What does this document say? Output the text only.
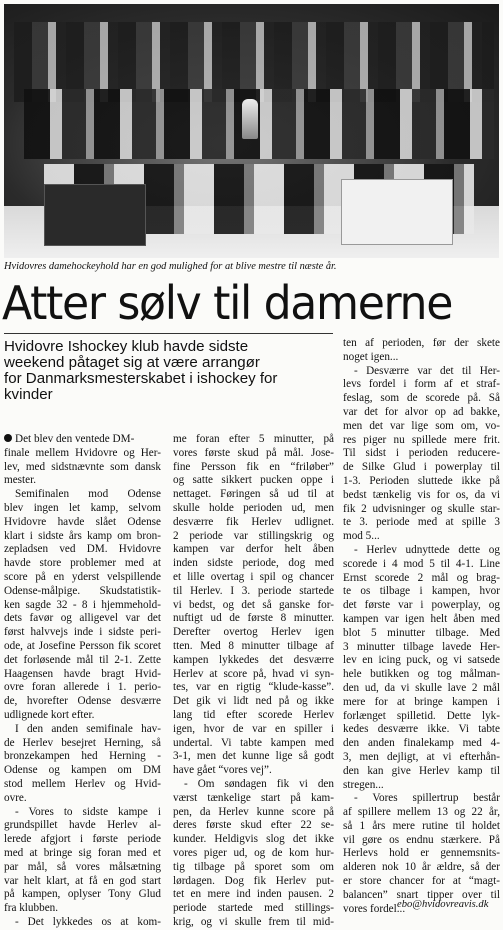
Hvidovres damehockeyhold har en god mulighed for at blive mestre til næste år.
Atter sølv til damerne
Hvidovre Ishockey klub havde sidste
weekend påtaget sig at være arrangør
for Danmarksmesterskabet i ishockey for
kvinder
Det blev den ventede DM-

finale mellem Hvidovre og Her-
lev, med sidstnævnte som dansk
mester.
Semifinalen mod Odense
blev ingen let kamp, selvom
Hvidovre havde slået Odense
klart i sidste års kamp om bron-
zepladsen ved DM. Hvidovre
havde store problemer med at
score på en yderst velspillende
Odense-målpige. Skudstatistik-
ken sagde 32 - 8 i hjemmehold-
dets favør og alligevel var det
først halvvejs inde i sidste peri-
ode, at Josefine Persson fik scoret
det forløsende mål til 2-1. Zette
Haagensen havde bragt Hvid-
ovre foran allerede i 1. perio-
de, hvorefter Odense desværre
udlignede kort efter.
I den anden semifinale hav-
de Herlev besejret Herning, så
bronzekampen hed Herning -
Odense og kampen om DM
stod mellem Herlev og Hvid-
ovre.
- Vores to sidste kampe i
grundspillet havde Herlev al-
lerede afgjort i første periode
med at bringe sig foran med et
par mål, så vores målsætning
var helt klart, at få en god start
på kampen, oplyser Tony Glud
fra klubben.
- Det lykkedes os at kom-
me foran efter 5 minutter, på
vores første skud på mål. Jose-
fine Persson fik en “friløber”
og satte sikkert pucken oppe i
nettaget. Føringen så ud til at
skulle holde perioden ud, men
desværre fik Herlev udlignet.
2 periode var stillingskrig og
kampen var derfor helt åben
inden sidste periode, dog med
et lille overtag i spil og chancer
til Herlev. I 3. periode startede
vi bedst, og det så ganske for-
nuftigt ud de første 8 minutter.
Derefter overtog Herlev igen
tten. Med 8 minutter tilbage af
kampen lykkedes det desværre
Herlev at score på, hvad vi syn-
tes, var en rigtig “klude-kasse”.
Det gik vi lidt ned på og ikke
lang tid efter scorede Herlev
igen, hvor de var en spiller i
undertal. Vi tabte kampen med
3-1, men det kunne lige så godt
have gået “vores vej”.
- Om søndagen fik vi den
værst tænkelige start på kam-
pen, da Herlev kunne score på
deres første skud efter 22 se-
kunder. Heldigvis slog det ikke
vores piger ud, og de kom hur-
tig tilbage på sporet som om
lørdagen. Dog fik Herlev put-
tet en mere ind inden pausen. 2
periode startede med stillings-
krig, og vi skulle frem til mid-
ten af perioden, før der skete
noget igen...
- Desværre var det til Her-
levs fordel i form af et straf-
feslag, som de scorede på. Så
var det for alvor op ad bakke,
men det var lige som om, vo-
res piger nu spillede mere frit.
Til sidst i perioden reducere-
de Silke Glud i powerplay til
1-3. Perioden sluttede ikke på
bedst tænkelig vis for os, da vi
fik 2 udvisninger og skulle star-
te 3. periode med at spille 3
mod 5...
- Herlev udnyttede dette og
scorede i 4 mod 5 til 4-1. Line
Ernst scorede 2 mål og brag-
te os tilbage i kampen, hvor
det første var i powerplay, og
kampen var igen helt åben med
blot 5 minutter tilbage. Med
3 minutter tilbage lavede Her-
lev en icing puck, og vi satsede
hele butikken og tog målman-
den ud, da vi skulle lave 2 mål
mere for at bringe kampen i
forlænget spilletid. Dette lyk-
kedes desværre ikke. Vi tabte
den anden finalekamp med 4-
3, men dejligt, at vi efterhån-
den kan give Herlev kamp til
stregen...
- Vores spillertrup består
af spillere mellem 13 og 22 år,
så 1 års mere rutine til holdet
vil gøre os endnu stærkere. På
Herlevs hold er gennemsnits-
alderen nok 10 år ældre, så der
er store chancer for at “magt-
balancen” snart tipper over til
vores fordel...
ebo@hvidovreavis.dk
